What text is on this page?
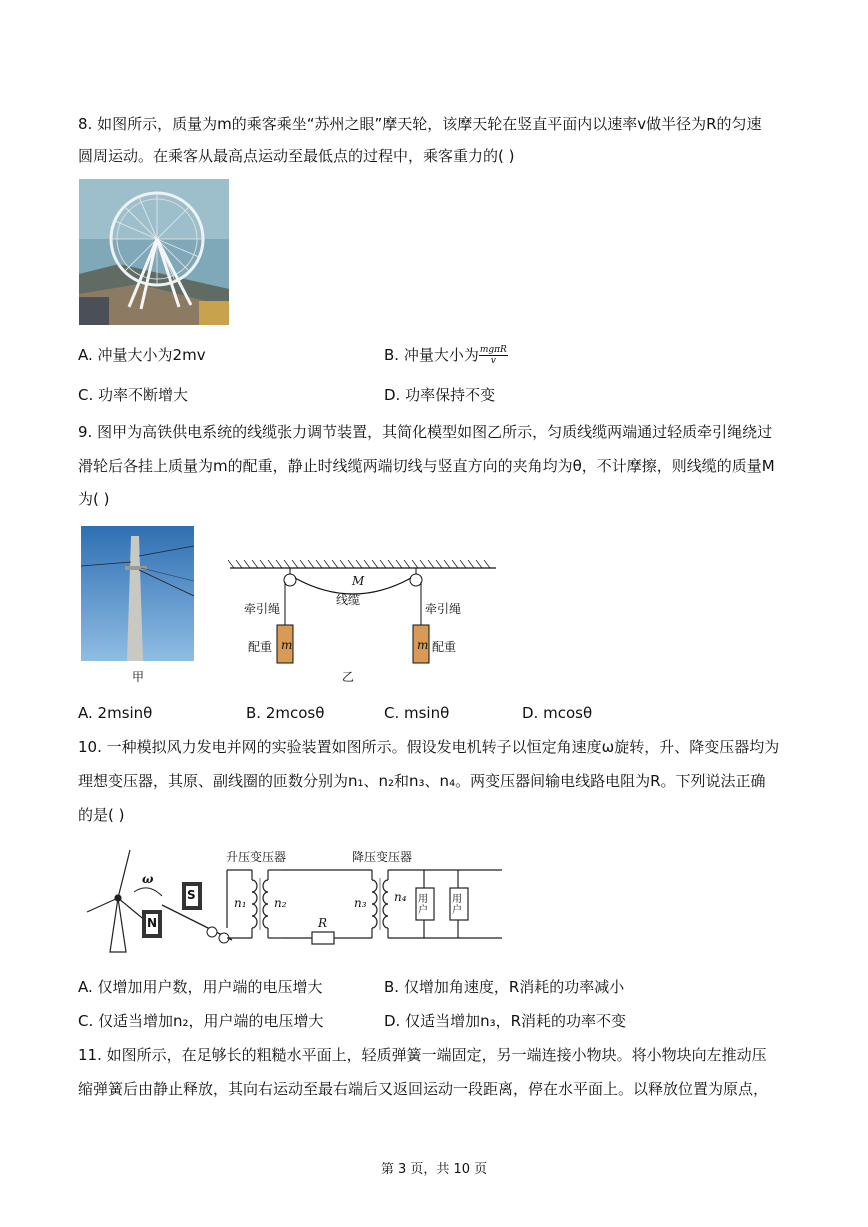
8. 如图所示，质量为m的乘客乘坐“苏州之眼”摩天轮，该摩天轮在竖直平面内以速率v做半径为R的匀速
圆周运动。在乘客从最高点运动至最低点的过程中，乘客重力的( )
A. 冲量大小为2mv	B. 冲量大小为 $\frac{\text{mgπR}}{v}$
C. 功率不断增大	D. 功率保持不变
9. 图甲为高铁供电系统的线缆张力调节装置，其简化模型如图乙所示，匀质线缆两端通过轻质牵引绳绕过
滑轮后各挂上质量为m的配重，静止时线缆两端切线与竖直方向的夹角均为θ，不计摩擦，则线缆的质量M
为( )
甲
M
线缆
牵引绳	牵引绳
m	m
配重	配重
乙
A. 2msinθ	B. 2mcosθ	C. msinθ	D. mcosθ
10. 一种模拟风力发电并网的实验装置如图所示。假设发电机转子以恒定角速度ω旋转，升、降变压器均为
理想变压器，其原、副线圈的匝数分别为n₁、n₂和n₃、n₄。两变压器间输电线路电阻为R。下列说法正确
的是( )
升压变压器	降压变压器
ω
S
N
n₁ n₂	n₃ n₄
R
用户
用户
A. 仅增加用户数，用户端的电压增大	B. 仅增加角速度，R消耗的功率减小
C. 仅适当增加n₂，用户端的电压增大	D. 仅适当增加n₃，R消耗的功率不变
11. 如图所示，在足够长的粗糙水平面上，轻质弹簧一端固定，另一端连接小物块。将小物块向左推动压
缩弹簧后由静止释放，其向右运动至最右端后又返回运动一段距离，停在水平面上。以释放位置为原点，
第 3 页，共 10 页
